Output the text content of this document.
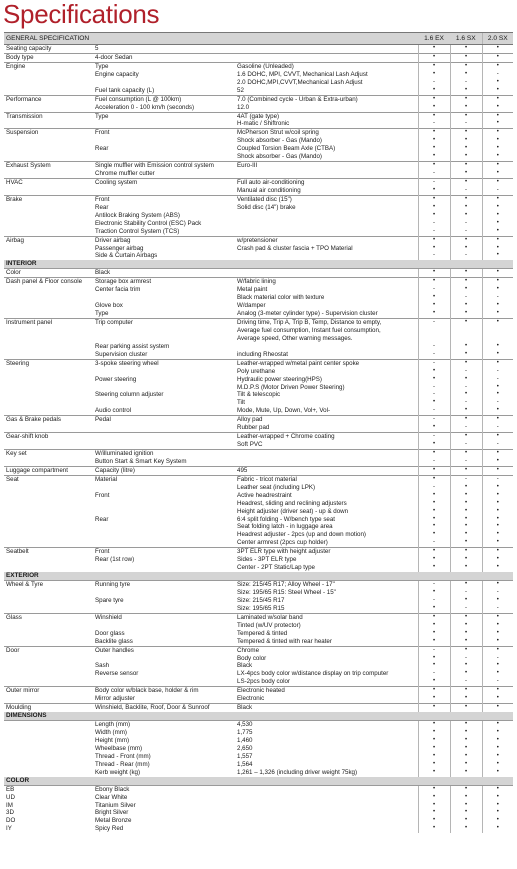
Specifications
GENERAL SPECIFICATION			1.6 EX	1.6 SX	2.0 SX
Seating capacity	5		•	•	•
Body type	4-door Sedan		•	•	•
Engine	Type	Gasoline (Unleaded)	•	•	•
	Engine capacity	1.6 DOHC, MPI, CVVT, Mechanical Lash Adjust	•	•	-
		2.0 DOHC,MPI,CVVT,Mechanical Lash Adjust	-	-	•
	Fuel tank capacity (L)	52	•	•	•
Performance	Fuel consumption (L @ 100km)	7.0 (Combined cycle - Urban & Extra-urban)	•	•	•
	Acceleration 0 - 100 km/h (seconds)	12.0	•	•	•
Transmission	Type	4AT (gate type)	•	•	•
		H-matic / Shiftronic	-	-	•
Suspension	Front	McPherson Strut w/coil spring	•	•	•
		Shock absorber - Gas (Mando)	•	•	•
	Rear	Coupled Torsion Beam Axle (CTBA)	•	•	•
		Shock absorber - Gas (Mando)	•	•	•
Exhaust System	Single muffler with Emission control system	Euro-III	•	•	•
	Chrome muffler cutter		-	•	•
HVAC	Cooling system	Full auto air-conditioning	-	•	•
		Manual air conditioning	•	-	-
Brake	Front	Ventilated disc (15")	•	•	•
	Rear	Solid disc (14") brake	•	•	•
	Antilock Braking System (ABS)		•	•	•
	Electronic Stability Control (ESC) Pack		-	-	•
	Traction Control System (TCS)		-	-	•
Airbag	Driver airbag	w/pretensioner	•	•	•
	Passenger airbag	Crash pad & cluster fascia + TPO Material	•	•	•
	Side & Curtain Airbags		-	-	•
INTERIOR					
Color	Black		•	•	•
Dash panel & Floor console	Storage box armrest	W/fabric lining	•	•	•
	Center facia trim	Metal paint	-	•	•
		Black material color with texture	•	-	-
	Glove box	W/damper	•	•	•
	Type	Analog (3-meter cylinder type) - Supervision cluster	•	•	•
Instrument panel	Trip computer	Driving time, Trip A, Trip B, Temp, Distance to empty,
Average fuel consumption, Instant fuel consumption,
Average speed, Other warning messages.	-	•	•
	Rear parking assist system		-	•	•
	Supervision cluster	including Rheostat	-	•	•
Steering	3-spoke steering wheel	Leather-wrapped w/metal paint center spoke	-	•	•
		Poly urethane	•	-	-
	Power steering	Hydraulic power steering(HPS)	•	•	-
		M.D.P.S (Motor Driven Power Steering)	-	-	•
	Steering column adjuster	Tilt & telescopic	-	•	•
		Tilt	•	-	-
	Audio control	Mode, Mute, Up, Down, Vol+, Vol-	-	•	•
Gas & Brake pedals	Pedal	Alloy pad	-	•	•
		Rubber pad	•	-	-
Gear-shift knob		Leather-wrapped + Chrome coating	-	•	•
		Soft PVC	•	-	-
Key set	W/illuminated ignition		•	•	•
	Button Start & Smart Key System		-	-	•
Luggage compartment	Capacity (litre)	495	•	•	•
Seat	Material	Fabric - tricot material	•	-	-
		Leather seat (including LPK)	-	•	•
	Front	Active headrestraint	•	•	•
		Headrest, sliding and reclining adjusters	•	•	•
		Height adjuster (driver seat) - up & down	•	•	•
	Rear	6:4 split folding - W/bench type seat	•	•	•
		Seat folding latch - in luggage area	•	•	•
		Headrest adjuster - 2pcs (up and down motion)	•	•	•
		Center armrest (2pcs cup holder)	-	•	•
Seatbelt	Front	3PT ELR type with height adjuster	•	•	•
	Rear (1st row)	Sides - 3PT ELR type	•	•	•
		Center - 2PT Static/Lap type	•	•	•
EXTERIOR					
Wheel & Tyre	Running tyre	Size: 215/45 R17; Alloy Wheel - 17"	-	•	•
		Size: 195/65 R15: Steel Wheel - 15"	•	-	-
	Spare tyre	Size: 215/45 R17	-	•	•
		Size: 195/65 R15	•	-	-
Glass	Winshield	Laminated w/solar band	•	•	•
		Tinted (w/UV protector)	•	•	•
	Door glass	Tempered & tinted	•	•	•
	Backlite glass	Tempered & tinted with rear heater	•	•	•
Door	Outer handles	Chrome	-	•	•
		Body color	•	-	-
	Sash	Black	•	•	•
	Reverse sensor	LX-4pcs body color w/distance display on trip computer	-	•	•
		LS-2pcs body color	•	-	-
Outer mirror	Body color w/black base, holder & rim	Electronic heated	•	•	•
	Mirror adjuster	Electronic	•	•	•
Moulding	Winshield, Backlite, Roof, Door & Sunroof	Black	•	•	•
DIMENSIONS					
	Length (mm)	4,530	•	•	•
	Width (mm)	1,775	•	•	•
	Height (mm)	1,460	•	•	•
	Wheelbase (mm)	2,650	•	•	•
	Thread - Front (mm)	1,557	•	•	•
	Thread - Rear (mm)	1,564	•	•	•
	Kerb weight (kg)	1,261 – 1,326 (including driver weight 75kg)	•	•	•
COLOR					
EB	Ebony Black		•	•	•
UD	Clear White		•	•	•
IM	Titanium Silver		•	•	•
3D	Bright Silver		•	•	•
DO	Metal Bronze		•	•	•
IY	Spicy Red		•	•	•
